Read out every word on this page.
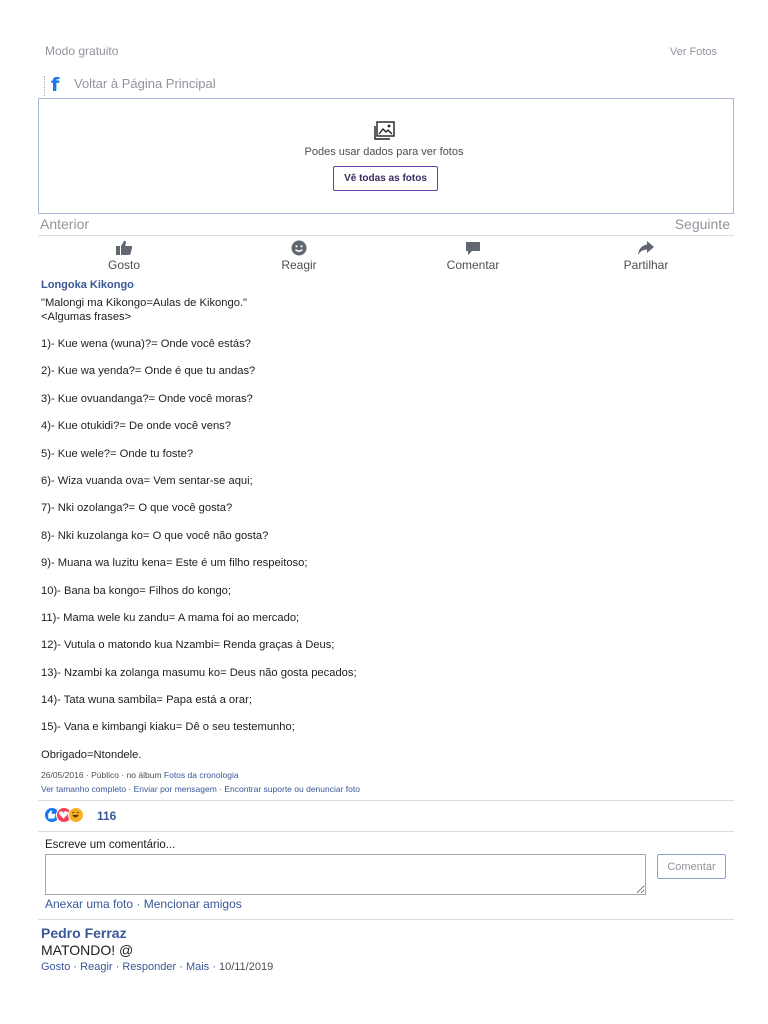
Modo gratuito	Ver Fotos
f Voltar à Página Principal
Podes usar dados para ver fotos
Vê todas as fotos
Anterior	Seguinte
Gosto	Reagir	Comentar	Partilhar
Longoka Kikongo

"Malongi ma Kikongo=Aulas de Kikongo."

<Algumas frases>

1)- Kue wena (wuna)?= Onde você estás?

2)- Kue wa yenda?= Onde é que tu andas?

3)- Kue ovuandanga?= Onde você moras?

4)- Kue otukidi?= De onde você vens?

5)- Kue wele?= Onde tu foste?

6)- Wiza vuanda ova= Vem sentar-se aqui;

7)- Nki ozolanga?= O que você gosta?

8)- Nki kuzolanga ko= O que você não gosta?

9)- Muana wa luzitu kena= Este é um filho respeitoso;

10)- Bana ba kongo= Filhos do kongo;

11)- Mama wele ku zandu= A mama foi ao mercado;

12)- Vutula o matondo kua Nzambi= Renda graças à Deus;

13)- Nzambi ka zolanga masumu ko= Deus não gosta pecados;

14)- Tata wuna sambila= Papa está a orar;

15)- Vana e kimbangi kiaku= Dê o seu testemunho;

Obrigado=Ntondele.

26/05/2016 · Público · no álbum Fotos da cronologia
Ver tamanho completo · Enviar por mensagem · Encontrar suporte ou denunciar foto
116
Escreve um comentário...
Comentar
Anexar uma foto · Mencionar amigos
Pedro Ferraz
MATONDO! @
Gosto · Reagir · Responder · Mais · 10/11/2019
